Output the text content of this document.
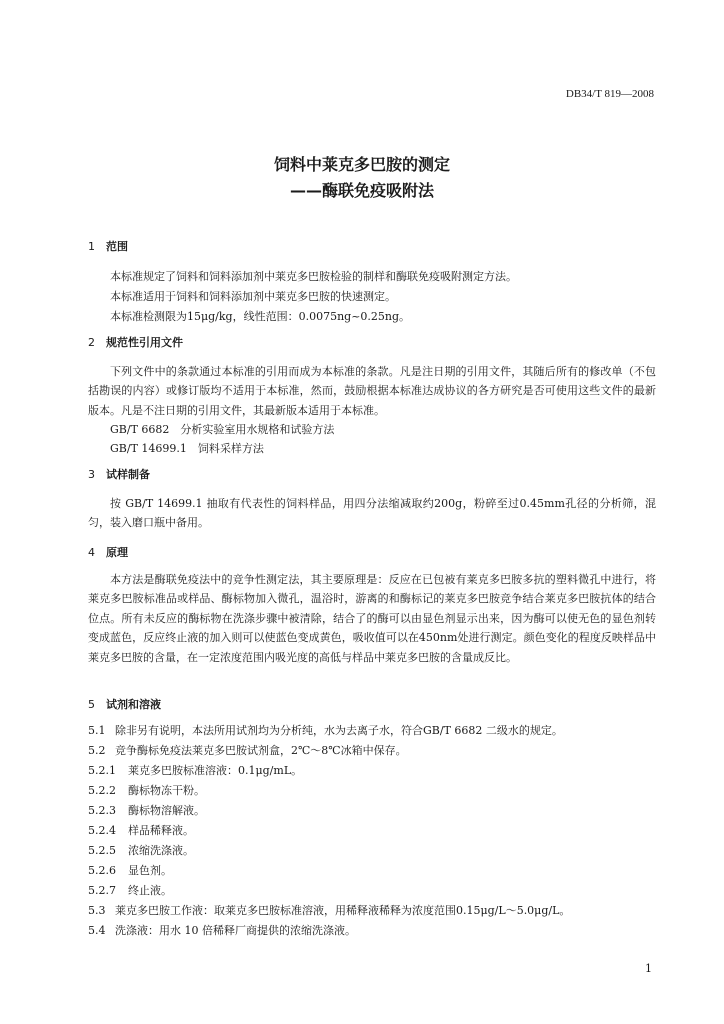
DB34/T 819—2008
饲料中莱克多巴胺的测定
——酶联免疫吸附法
1 范围
本标准规定了饲料和饲料添加剂中莱克多巴胺检验的制样和酶联免疫吸附测定方法。
本标准适用于饲料和饲料添加剂中莱克多巴胺的快速测定。
本标准检测限为15μg/kg，线性范围：0.0075ng~0.25ng。
2 规范性引用文件
下列文件中的条款通过本标准的引用而成为本标准的条款。凡是注日期的引用文件，其随后所有的修改单（不包括勘误的内容）或修订版均不适用于本标准，然而，鼓励根据本标准达成协议的各方研究是否可使用这些文件的最新版本。凡是不注日期的引用文件，其最新版本适用于本标准。
GB/T 6682　分析实验室用水规格和试验方法
GB/T 14699.1　饲料采样方法
3 试样制备
按 GB/T 14699.1 抽取有代表性的饲料样品，用四分法缩减取约200g，粉碎至过0.45mm孔径的分析筛，混匀，装入磨口瓶中备用。
4 原理
本方法是酶联免疫法中的竞争性测定法，其主要原理是：反应在已包被有莱克多巴胺多抗的塑料微孔中进行，将莱克多巴胺标准品或样品、酶标物加入微孔，温浴时，游离的和酶标记的莱克多巴胺竞争结合莱克多巴胺抗体的结合位点。所有未反应的酶标物在洗涤步骤中被清除，结合了的酶可以由显色剂显示出来，因为酶可以使无色的显色剂转变成蓝色，反应终止液的加入则可以使蓝色变成黄色，吸收值可以在450nm处进行测定。颜色变化的程度反映样品中莱克多巴胺的含量，在一定浓度范围内吸光度的高低与样品中莱克多巴胺的含量成反比。
5 试剂和溶液
5.1 除非另有说明，本法所用试剂均为分析纯，水为去离子水，符合GB/T 6682 二级水的规定。
5.2 竞争酶标免疫法莱克多巴胺试剂盒，2℃～8℃冰箱中保存。
5.2.1 莱克多巴胺标准溶液：0.1μg/mL。
5.2.2 酶标物冻干粉。
5.2.3 酶标物溶解液。
5.2.4 样品稀释液。
5.2.5 浓缩洗涤液。
5.2.6 显色剂。
5.2.7 终止液。
5.3 莱克多巴胺工作液：取莱克多巴胺标准溶液，用稀释液稀释为浓度范围0.15μg/L～5.0μg/L。
5.4 洗涤液：用水 10 倍稀释厂商提供的浓缩洗涤液。
1
